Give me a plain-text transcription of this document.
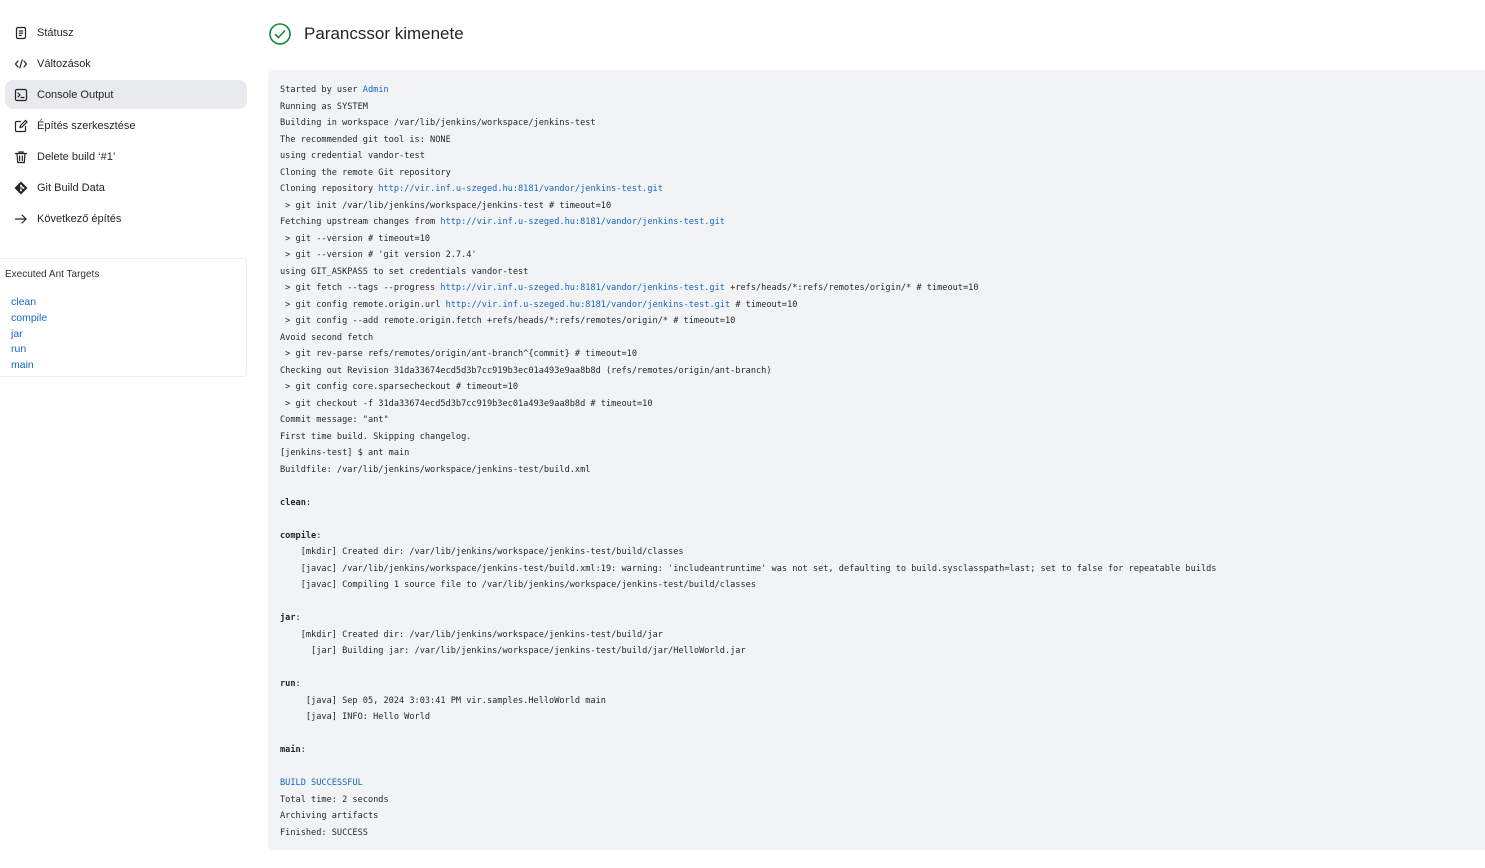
Státusz
Változások
Console Output
Építés szerkesztése
Delete build ‘#1’
Git Build Data
Következő építés
Executed Ant Targets
clean
compile
jar
run
main
Parancssor kimenete
Started by user Admin
Running as SYSTEM
Building in workspace /var/lib/jenkins/workspace/jenkins-test
The recommended git tool is: NONE
using credential vandor-test
Cloning the remote Git repository
Cloning repository http://vir.inf.u-szeged.hu:8181/vandor/jenkins-test.git
> git init /var/lib/jenkins/workspace/jenkins-test # timeout=10
Fetching upstream changes from http://vir.inf.u-szeged.hu:8181/vandor/jenkins-test.git
> git --version # timeout=10
> git --version # 'git version 2.7.4'
using GIT_ASKPASS to set credentials vandor-test
> git fetch --tags --progress http://vir.inf.u-szeged.hu:8181/vandor/jenkins-test.git +refs/heads/*:refs/remotes/origin/* # timeout=10
> git config remote.origin.url http://vir.inf.u-szeged.hu:8181/vandor/jenkins-test.git # timeout=10
> git config --add remote.origin.fetch +refs/heads/*:refs/remotes/origin/* # timeout=10
Avoid second fetch
> git rev-parse refs/remotes/origin/ant-branch^{commit} # timeout=10
Checking out Revision 31da33674ecd5d3b7cc919b3ec01a493e9aa8b8d (refs/remotes/origin/ant-branch)
> git config core.sparsecheckout # timeout=10
> git checkout -f 31da33674ecd5d3b7cc919b3ec01a493e9aa8b8d # timeout=10
Commit message: "ant"
First time build. Skipping changelog.
[jenkins-test] $ ant main
Buildfile: /var/lib/jenkins/workspace/jenkins-test/build.xml
clean:
compile:
[mkdir] Created dir: /var/lib/jenkins/workspace/jenkins-test/build/classes
[javac] /var/lib/jenkins/workspace/jenkins-test/build.xml:19: warning: 'includeantruntime' was not set, defaulting to build.sysclasspath=last; set to false for repeatable builds
[javac] Compiling 1 source file to /var/lib/jenkins/workspace/jenkins-test/build/classes
jar:
[mkdir] Created dir: /var/lib/jenkins/workspace/jenkins-test/build/jar
[jar] Building jar: /var/lib/jenkins/workspace/jenkins-test/build/jar/HelloWorld.jar
run:
[java] Sep 05, 2024 3:03:41 PM vir.samples.HelloWorld main
[java] INFO: Hello World
main:
BUILD SUCCESSFUL
Total time: 2 seconds
Archiving artifacts
Finished: SUCCESS
